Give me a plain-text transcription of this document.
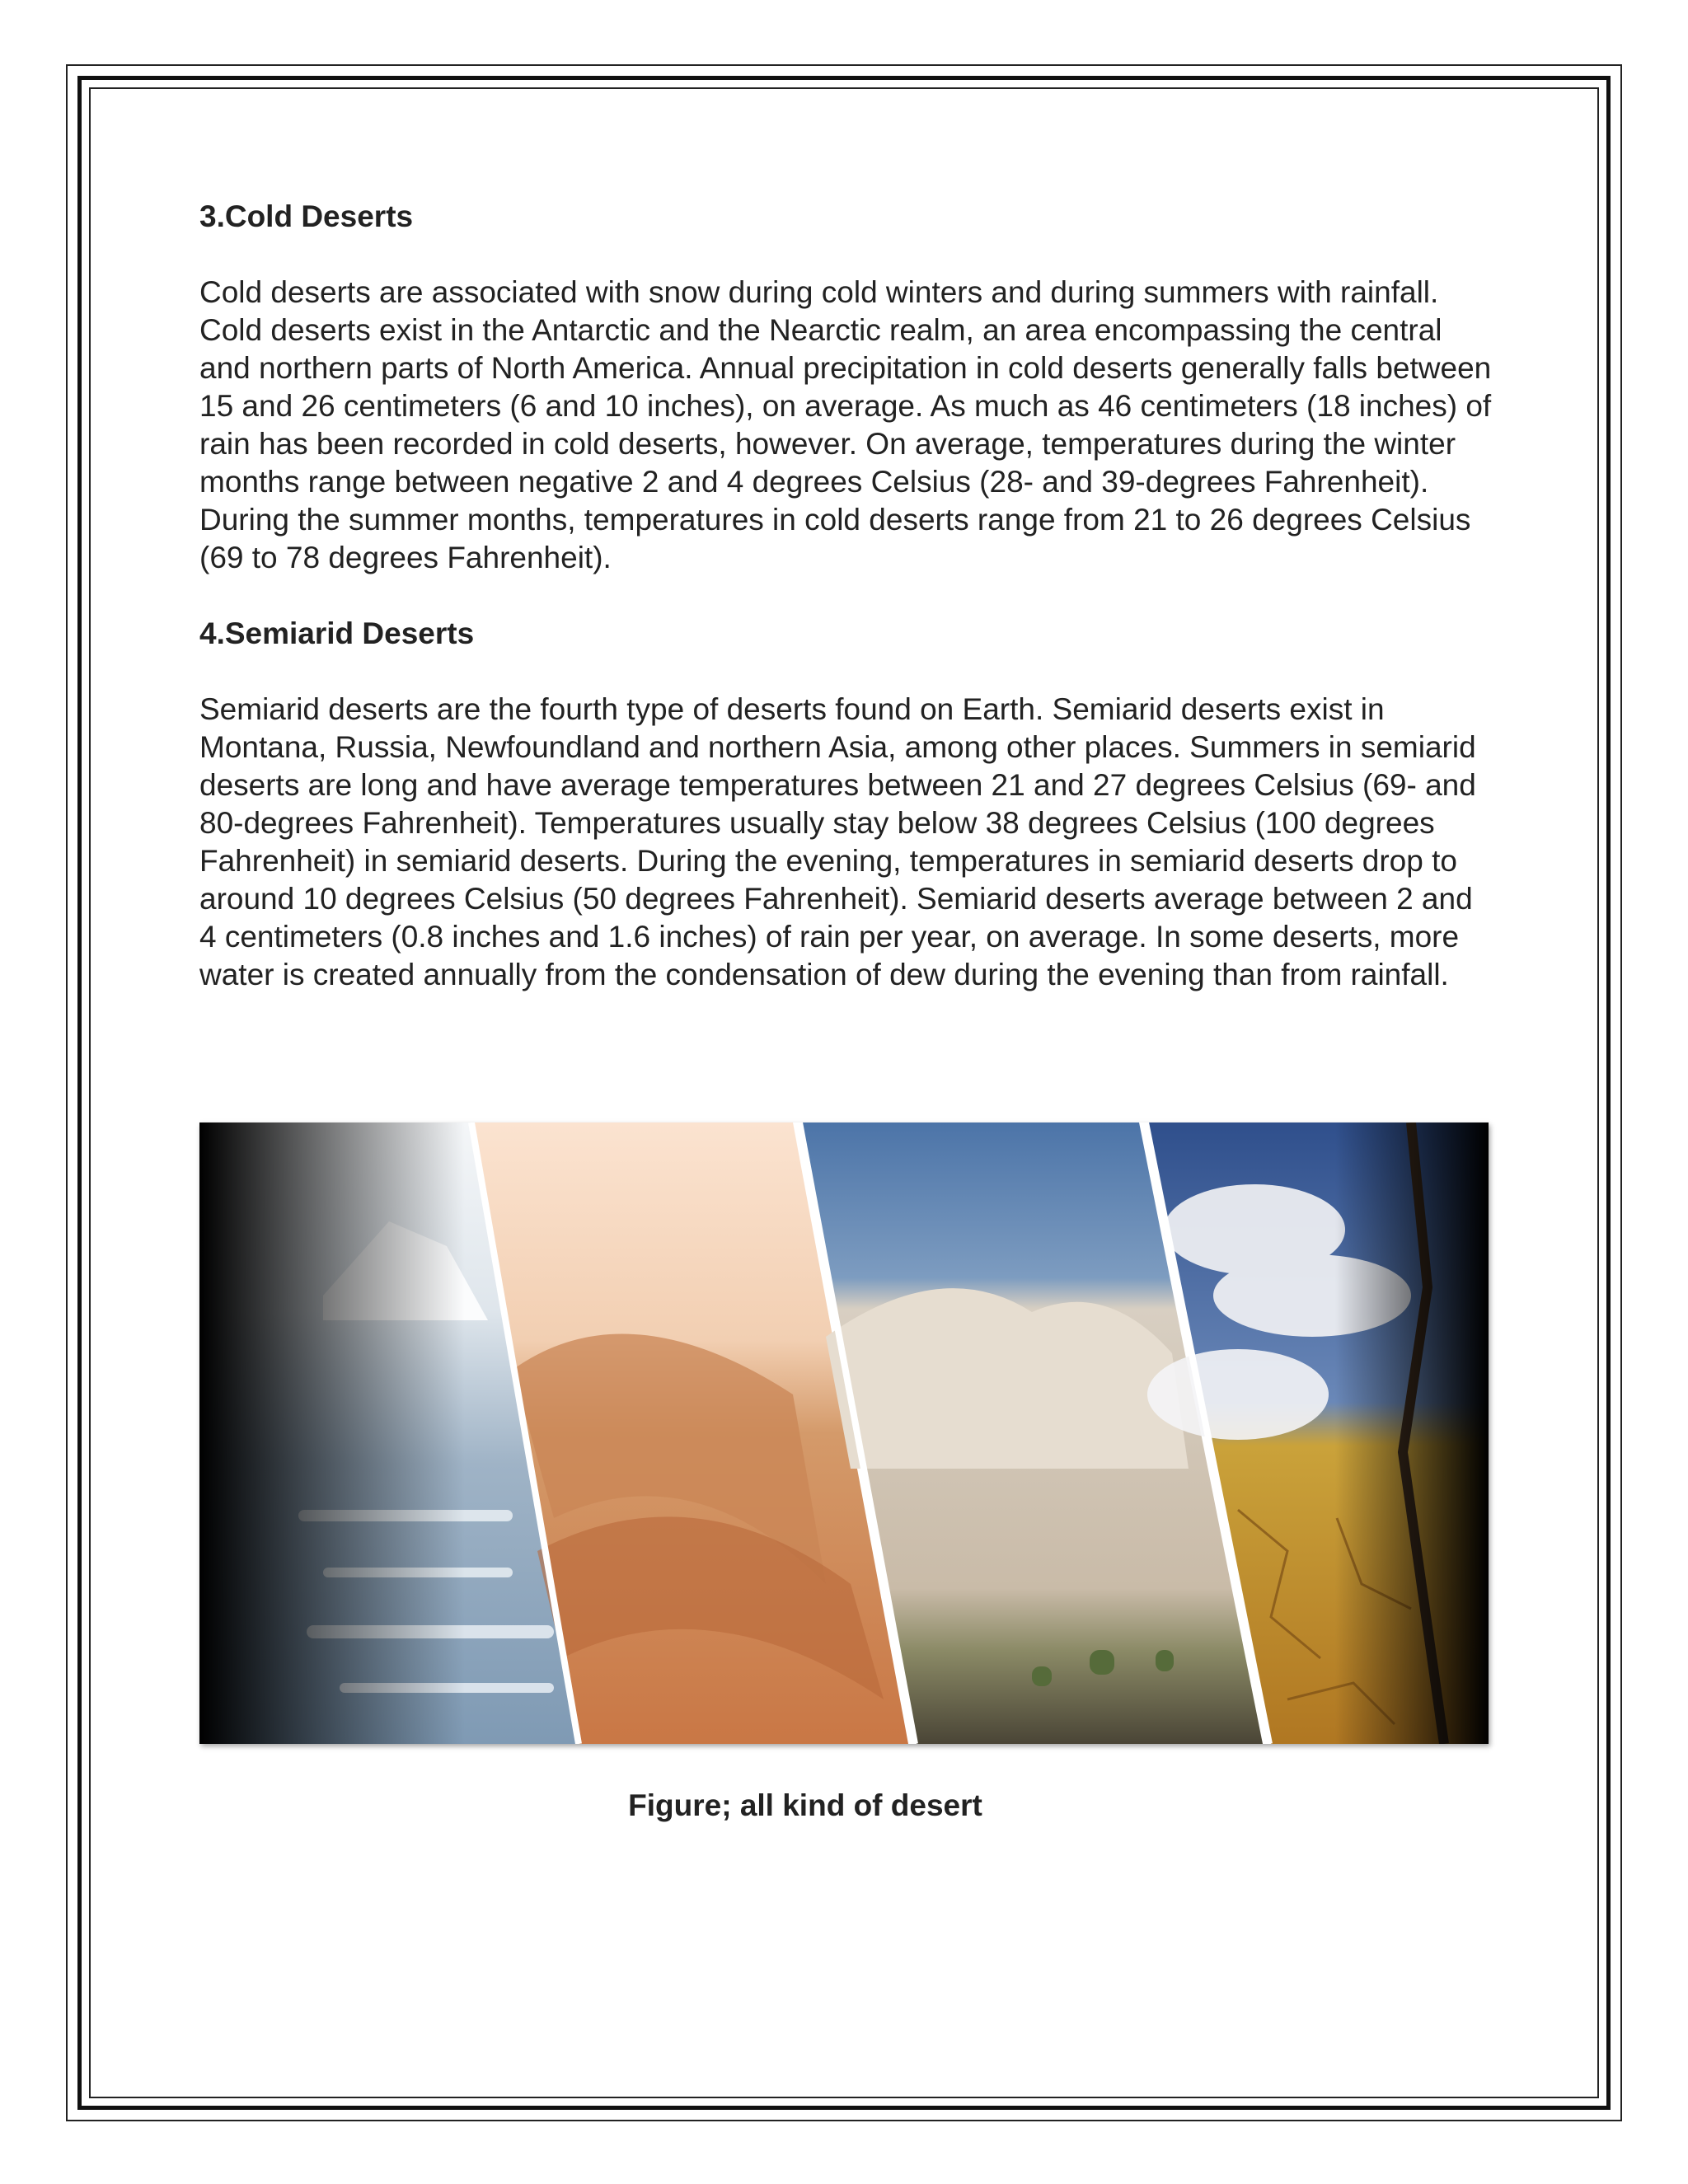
3.Cold Deserts

Cold deserts are associated with snow during cold winters and during summers with rainfall. Cold deserts exist in the Antarctic and the Nearctic realm, an area encompassing the central and northern parts of North America. Annual precipitation in cold deserts generally falls between 15 and 26 centimeters (6 and 10 inches), on average. As much as 46 centimeters (18 inches) of rain has been recorded in cold deserts, however. On average, temperatures during the winter months range between negative 2 and 4 degrees Celsius (28- and 39-degrees Fahrenheit). During the summer months, temperatures in cold deserts range from 21 to 26 degrees Celsius (69 to 78 degrees Fahrenheit).

4.Semiarid Deserts

Semiarid deserts are the fourth type of deserts found on Earth. Semiarid deserts exist in Montana, Russia, Newfoundland and northern Asia, among other places. Summers in semiarid deserts are long and have average temperatures between 21 and 27 degrees Celsius (69- and 80-degrees Fahrenheit). Temperatures usually stay below 38 degrees Celsius (100 degrees Fahrenheit) in semiarid deserts. During the evening, temperatures in semiarid deserts drop to around 10 degrees Celsius (50 degrees Fahrenheit). Semiarid deserts average between 2 and 4 centimeters (0.8 inches and 1.6 inches) of rain per year, on average. In some deserts, more water is created annually from the condensation of dew during the evening than from rainfall.

Figure; all kind of desert
